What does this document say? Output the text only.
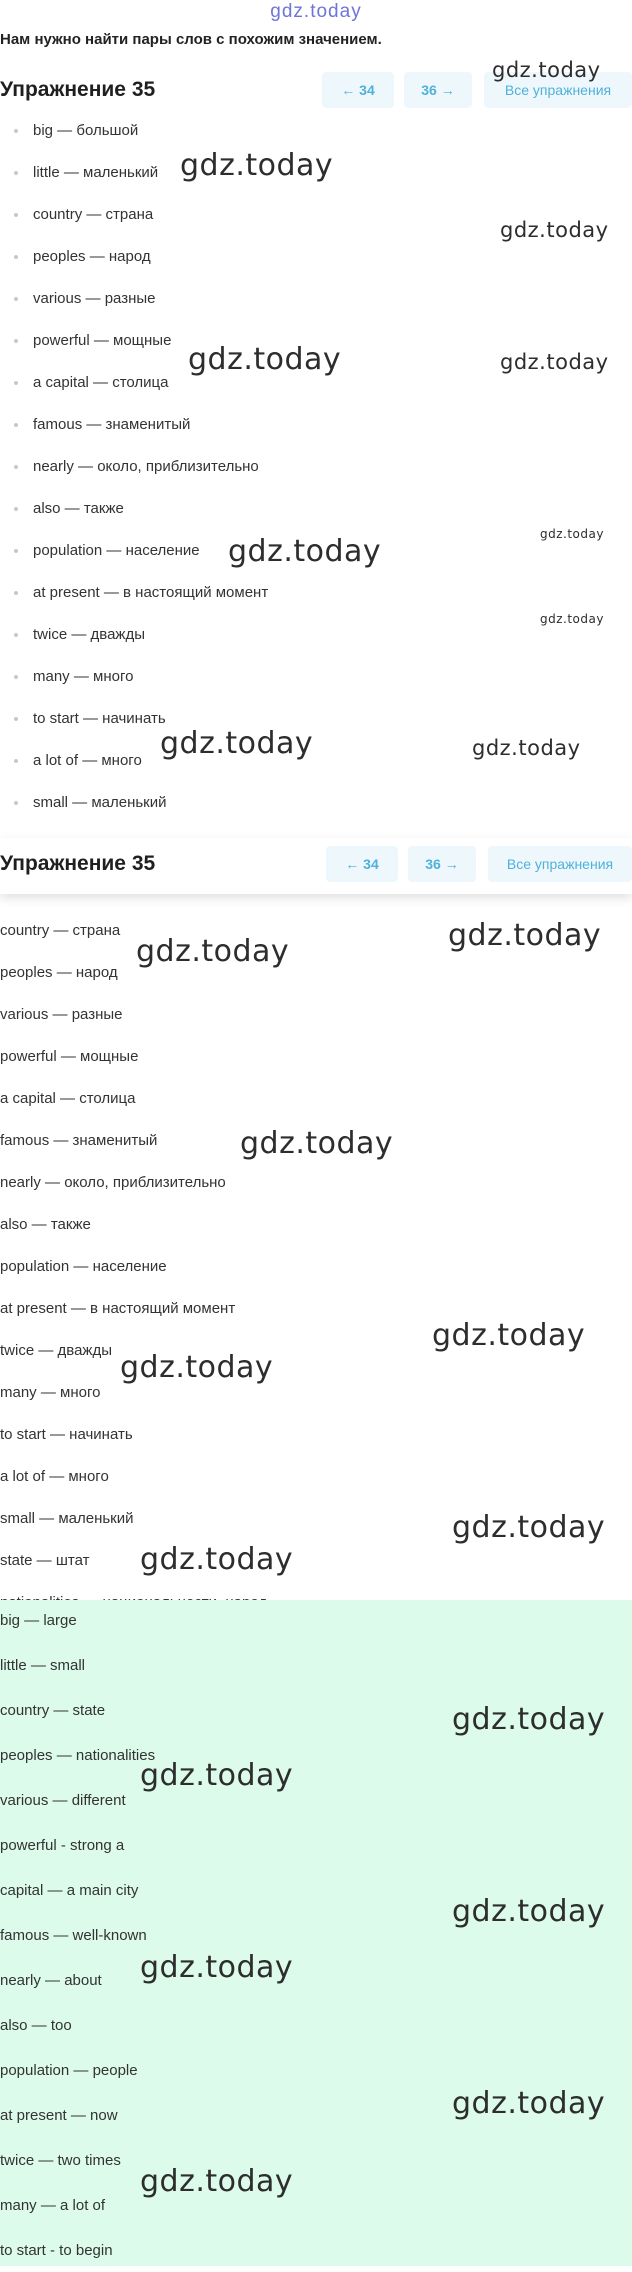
gdz.today
Нам нужно найти пары слов с похожим значением.
Упражнение 35	← 34	36 →	Все упражнения
big — большой
little — маленький
country — страна
peoples — народ
various — разные
powerful — мощные
a capital — столица
famous — знаменитый
nearly — около, приблизительно
also — также
population — население
at present — в настоящий момент
twice — дважды
many — много
to start — начинать
a lot of — много
small — маленький
Упражнение 35	← 34	36 →	Все упражнения
country — страна
peoples — народ
various — разные
powerful — мощные
a capital — столица
famous — знаменитый
nearly — около, приблизительно
also — также
population — население
at present — в настоящий момент
twice — дважды
many — много
to start — начинать
a lot of — много
small — маленький
state — штат
big — large
little — small
country — state
peoples — nationalities
various — different
powerful - strong a
capital — a main city
famous — well-known
nearly — about
also — too
population — people
at present — now
twice — two times
many — a lot of
to start - to begin
gdz.today
gdz.today
gdz.today
gdz.today	gdz.today
gdz.today	gdz.today
gdz.today
gdz.today	gdz.today
gdz.today
gdz.today
gdz.today
gdz.today
gdz.today
gdz.today
gdz.today
gdz.today
gdz.today
gdz.today
gdz.today
gdz.today
gdz.today
